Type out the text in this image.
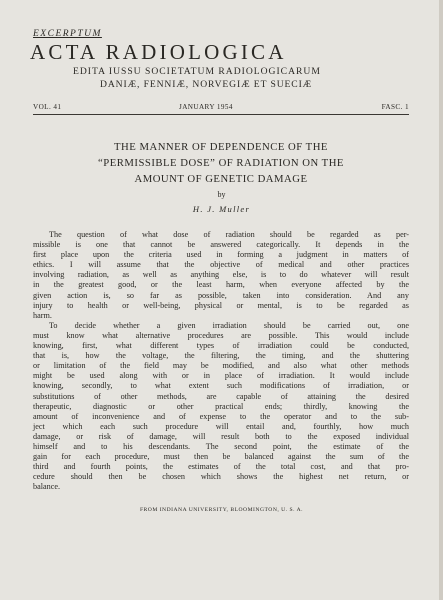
EXCERPTUM
ACTA RADIOLOGICA
EDITA IUSSU SOCIETATUM RADIOLOGICARUM
DANIÆ, FENNIÆ, NORVEGIÆ ET SUECIÆ
VOL. 41	JANUARY 1954	FASC. 1
THE MANNER OF DEPENDENCE OF THE
“PERMISSIBLE DOSE” OF RADIATION ON THE
AMOUNT OF GENETIC DAMAGE
by
H. J. Muller
The question of what dose of radiation should be regarded as per-
missible is one that cannot be answered categorically. It depends in the
first place upon the criteria used in forming a judgment in matters of
ethics. I will assume that the objective of medical and other practices
involving radiation, as well as anything else, is to do whatever will result
in the greatest good, or the least harm, when everyone affected by the
given action is, so far as possible, taken into consideration. And any
injury to health or well-being, physical or mental, is to be regarded as
harm.
To decide whether a given irradiation should be carried out, one
must know what alternative procedures are possible. This would include
knowing, first, what different types of irradiation could be conducted,
that is, how the voltage, the filtering, the timing, and the shuttering
or limitation of the field may be modified, and also what other methods
might be used along with or in place of irradiation. It would include
knowing, secondly, to what extent such modifications of irradiation, or
substitutions of other methods, are capable of attaining the desired
therapeutic, diagnostic or other practical ends; thirdly, knowing the
amount of inconvenience and of expense to the operator and to the sub-
ject which each such procedure will entail and, fourthly, how much
damage, or risk of damage, will result both to the exposed individual
himself and to his descendants. The second point, the estimate of the
gain for each procedure, must then be balanced against the sum of the
third and fourth points, the estimates of the total cost, and that pro-
cedure should then be chosen which shows the highest net return, or
balance.
FROM INDIANA UNIVERSITY, BLOOMINGTON, U. S. A.
